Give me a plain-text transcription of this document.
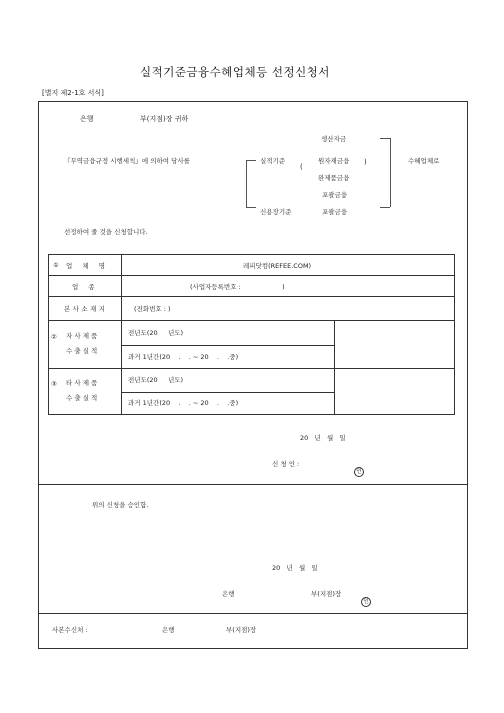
실적기준금융수혜업체등 선정신청서
[별지 제2-1호 서식]
은행	부(지점)장 귀하
『무역금융규정 시행세칙』에 의하여 당사를	실적기준
(
신용장기준
생산자금
원자재금융 )
완제품금융
포괄금융
포괄금융
수혜업체로
선정하여 줄 것을 신청합니다.
① 업 체 명	레피닷컴(REFEE.COM)
업 종	(사업자등록번호 :                    )
본사소재지	(전화번호 : )
② 자 사 제 품
수 출 실 적
전년도(20     년도)
과거 1년간(20    .    . ~ 20    .    .중)
③ 타 사 제 품
수 출 실 적
전년도(20     년도)
과거 1년간(20    .    . ~ 20    .    .중)
20   년   월   일
신 청 인 :
인
위의 신청을 승인함.
20   년   월   일
은행	부(지점)장
인
사본수신처 :	은행	부(지점)장
